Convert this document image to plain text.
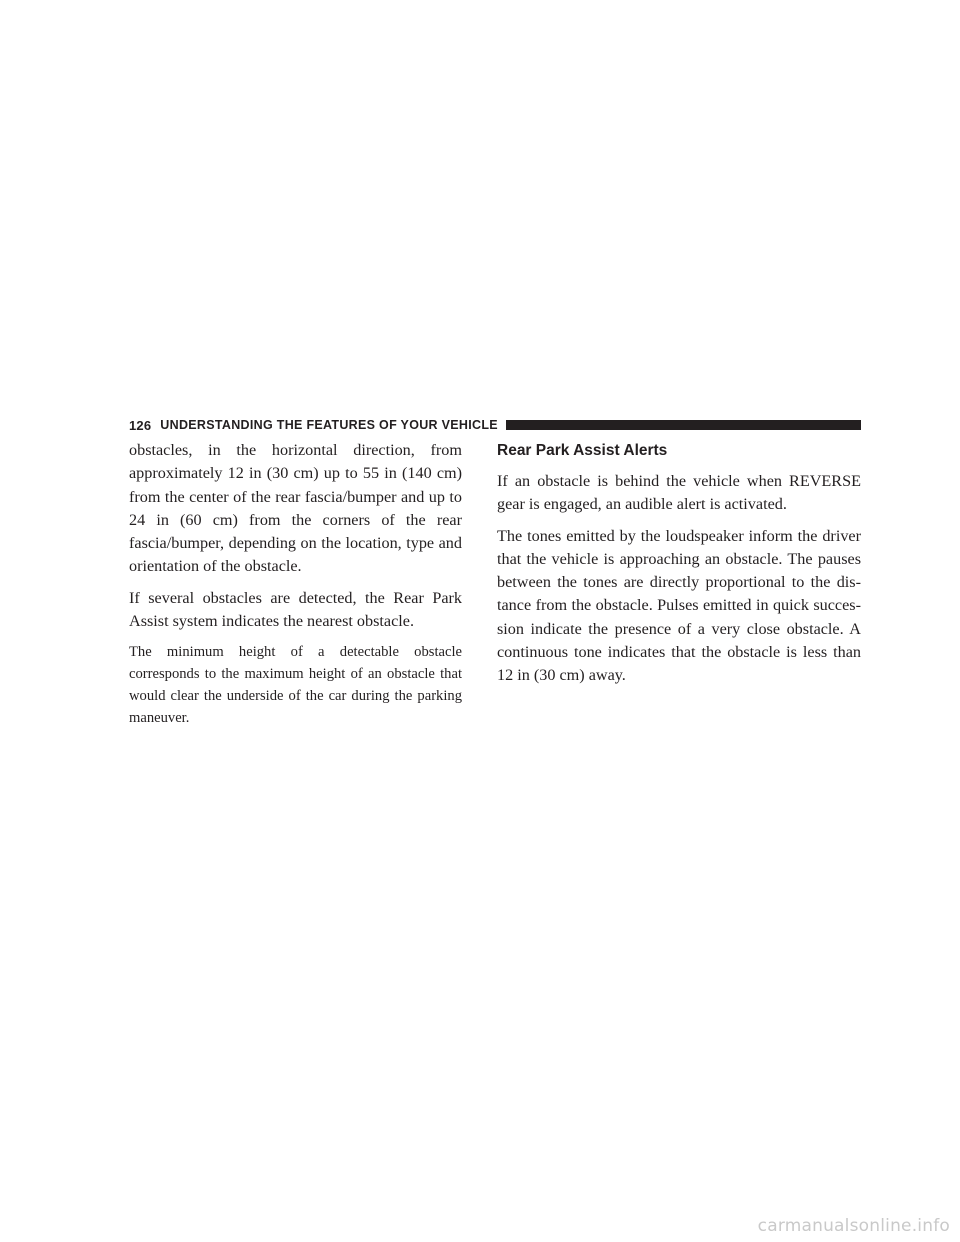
126 UNDERSTANDING THE FEATURES OF YOUR VEHICLE

obstacles, in the horizontal direction, from approximately 12 in (30 cm) up to 55 in (140 cm) from the center of the rear fascia/bumper and up to 24 in (60 cm) from the corners of the rear fascia/bumper, depending on the location, type and orientation of the obstacle.

If several obstacles are detected, the Rear Park Assist system indicates the nearest obstacle.

The minimum height of a detectable obstacle corresponds to the maximum height of an obstacle that would clear the underside of the car during the parking maneuver.

Rear Park Assist Alerts

If an obstacle is behind the vehicle when REVERSE gear is engaged, an audible alert is activated.

The tones emitted by the loudspeaker inform the driver that the vehicle is approaching an obstacle. The pauses between the tones are directly proportional to the dis-tance from the obstacle. Pulses emitted in quick succes-sion indicate the presence of a very close obstacle. A continuous tone indicates that the obstacle is less than 12 in (30 cm) away.

carmanualsonline.info
